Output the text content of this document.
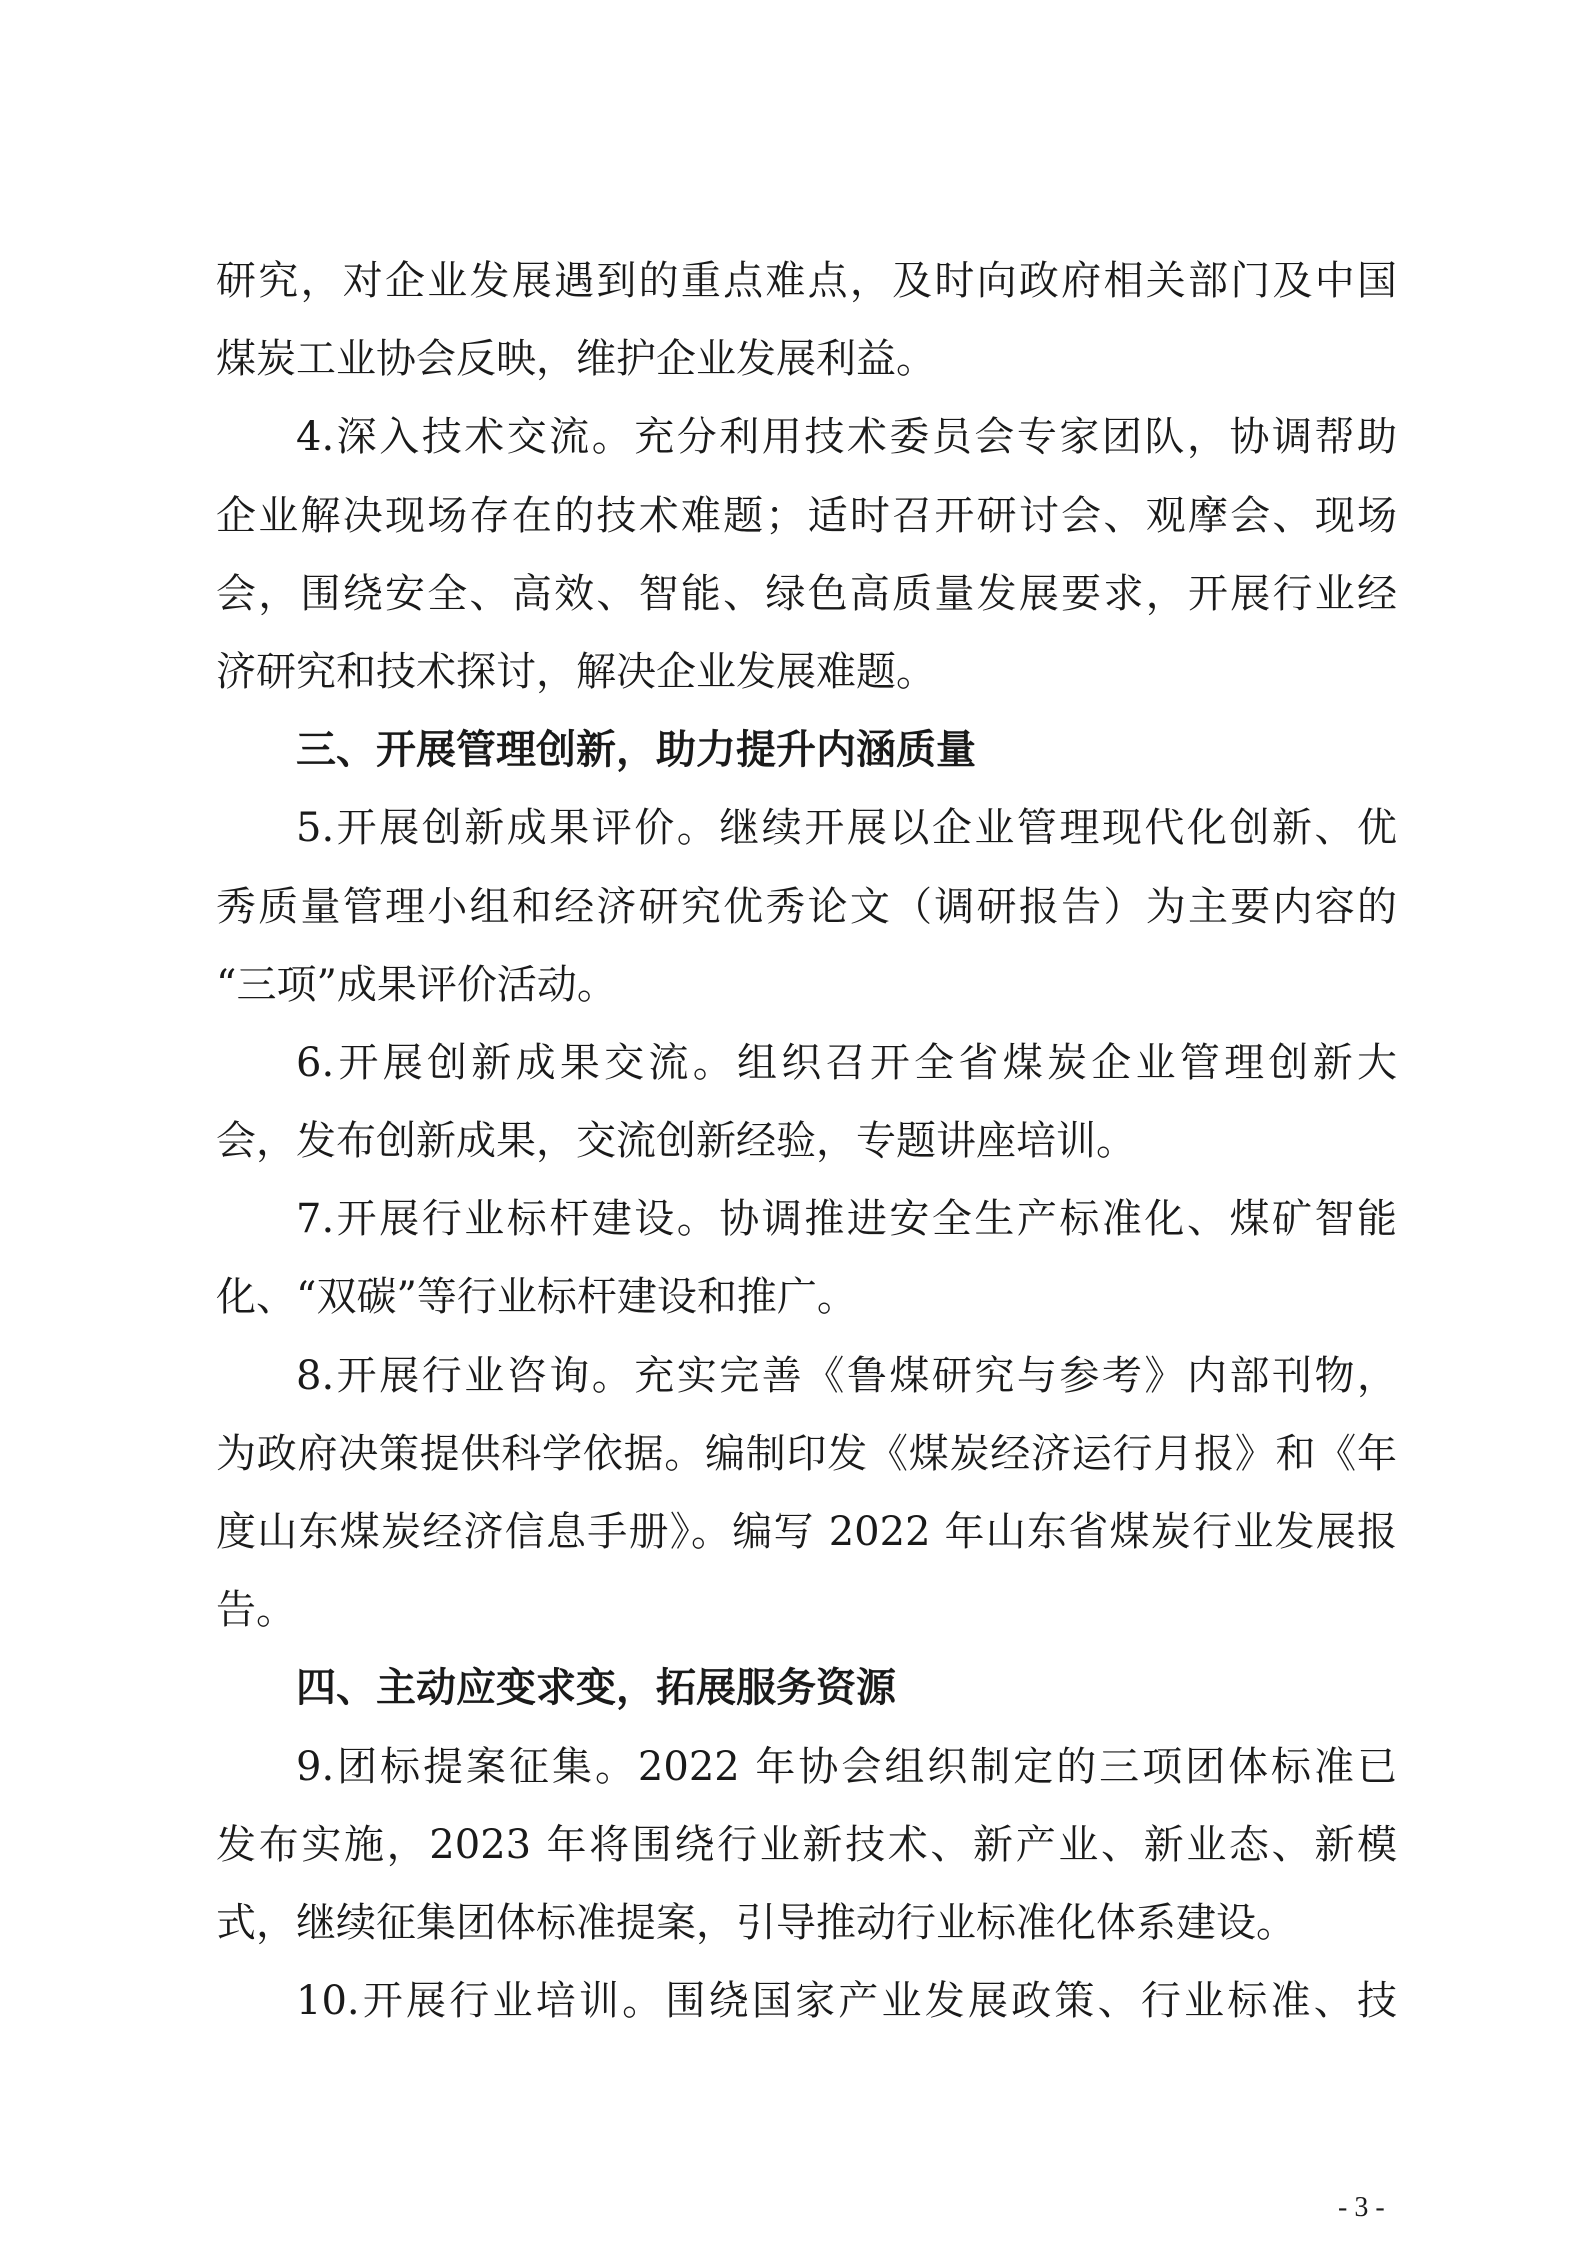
研究，对企业发展遇到的重点难点，及时向政府相关部门及中国
煤炭工业协会反映，维护企业发展利益。
4.深入技术交流。充分利用技术委员会专家团队，协调帮助
企业解决现场存在的技术难题；适时召开研讨会、观摩会、现场
会，围绕安全、高效、智能、绿色高质量发展要求，开展行业经
济研究和技术探讨，解决企业发展难题。
三、开展管理创新，助力提升内涵质量
5.开展创新成果评价。继续开展以企业管理现代化创新、优
秀质量管理小组和经济研究优秀论文（调研报告）为主要内容的
“三项”成果评价活动。
6.开展创新成果交流。组织召开全省煤炭企业管理创新大
会，发布创新成果，交流创新经验，专题讲座培训。
7.开展行业标杆建设。协调推进安全生产标准化、煤矿智能
化、“双碳”等行业标杆建设和推广。
8.开展行业咨询。充实完善《鲁煤研究与参考》内部刊物，
为政府决策提供科学依据。编制印发《煤炭经济运行月报》和《年
度山东煤炭经济信息手册》。编写 2022 年山东省煤炭行业发展报
告。
四、主动应变求变，拓展服务资源
9.团标提案征集。2022 年协会组织制定的三项团体标准已
发布实施，2023 年将围绕行业新技术、新产业、新业态、新模
式，继续征集团体标准提案，引导推动行业标准化体系建设。
10.开展行业培训。围绕国家产业发展政策、行业标准、技
- 3 -
